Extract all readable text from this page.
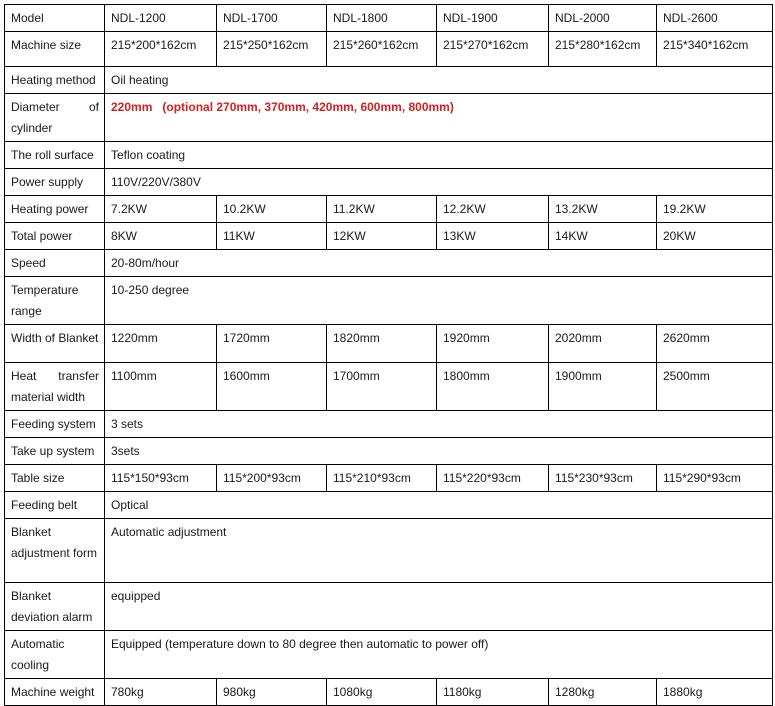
Model	NDL-1200	NDL-1700	NDL-1800	NDL-1900	NDL-2000	NDL-2600
Machine size	215*200*162cm	215*250*162cm	215*260*162cm	215*270*162cm	215*280*162cm	215*340*162cm
Heating method	Oil heating					
Diameter of cylinder	220mm (optional 270mm, 370mm, 420mm, 600mm, 800mm)					
The roll surface	Teflon coating					
Power supply	110V/220V/380V					
Heating power	7.2KW	10.2KW	11.2KW	12.2KW	13.2KW	19.2KW
Total power	8KW	11KW	12KW	13KW	14KW	20KW
Speed	20-80m/hour					
Temperature range	10-250 degree					
Width of Blanket	1220mm	1720mm	1820mm	1920mm	2020mm	2620mm
Heat transfer material width	1100mm	1600mm	1700mm	1800mm	1900mm	2500mm
Feeding system	3 sets					
Take up system	3sets					
Table size	115*150*93cm	115*200*93cm	115*210*93cm	115*220*93cm	115*230*93cm	115*290*93cm
Feeding belt	Optical					
Blanket adjustment form	Automatic adjustment					
Blanket deviation alarm	equipped					
Automatic cooling	Equipped (temperature down to 80 degree then automatic to power off)					
Machine weight	780kg	980kg	1080kg	1180kg	1280kg	1880kg
